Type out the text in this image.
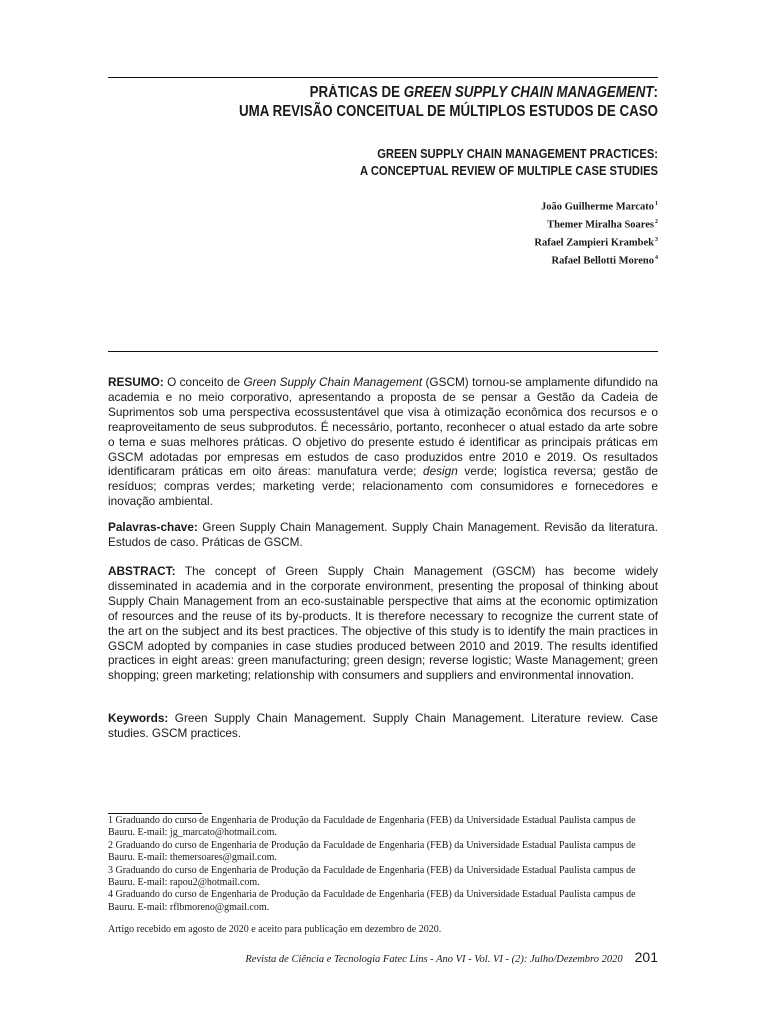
PRÁTICAS DE GREEN SUPPLY CHAIN MANAGEMENT:
UMA REVISÃO CONCEITUAL DE MÚLTIPLOS ESTUDOS DE CASO
GREEN SUPPLY CHAIN MANAGEMENT PRACTICES:
A CONCEPTUAL REVIEW OF MULTIPLE CASE STUDIES
João Guilherme Marcato$^1$
Themer Miralha Soares$^2$
Rafael Zampieri Krambek$^3$
Rafael Bellotti Moreno$^4$
RESUMO: O conceito de Green Supply Chain Management (GSCM) tornou-se amplamente difundido na academia e no meio corporativo, apresentando a proposta de se pensar a Gestão da Cadeia de Suprimentos sob uma perspectiva ecossustentável que visa à otimização econômica dos recursos e o reaproveitamento de seus subprodutos. É necessário, portanto, reconhecer o atual estado da arte sobre o tema e suas melhores práticas. O objetivo do presente estudo é identificar as principais práticas em GSCM adotadas por empresas em estudos de caso produzidos entre 2010 e 2019. Os resultados identificaram práticas em oito áreas: manufatura verde; design verde; logística reversa; gestão de resíduos; compras verdes; marketing verde; relacionamento com consumidores e fornecedores e inovação ambiental.
Palavras-chave: Green Supply Chain Management. Supply Chain Management. Revisão da literatura. Estudos de caso. Práticas de GSCM.
ABSTRACT: The concept of Green Supply Chain Management (GSCM) has become widely disseminated in academia and in the corporate environment, presenting the proposal of thinking about Supply Chain Management from an eco-sustainable perspective that aims at the economic optimization of resources and the reuse of its by-products. It is therefore necessary to recognize the current state of the art on the subject and its best practices. The objective of this study is to identify the main practices in GSCM adopted by companies in case studies produced between 2010 and 2019. The results identified practices in eight areas: green manufacturing; green design; reverse logistic; Waste Management; green shopping; green marketing; relationship with consumers and suppliers and environmental innovation.
Keywords: Green Supply Chain Management. Supply Chain Management. Literature review. Case studies. GSCM practices.

1 Graduando do curso de Engenharia de Produção da Faculdade de Engenharia (FEB) da Universidade Estadual Paulista campus de Bauru. E-mail: jg_marcato@hotmail.com.

2 Graduando do curso de Engenharia de Produção da Faculdade de Engenharia (FEB) da Universidade Estadual Paulista campus de Bauru. E-mail: themersoares@gmail.com.

3 Graduando do curso de Engenharia de Produção da Faculdade de Engenharia (FEB) da Universidade Estadual Paulista campus de Bauru. E-mail: rapou2@hotmail.com.

4 Graduando do curso de Engenharia de Produção da Faculdade de Engenharia (FEB) da Universidade Estadual Paulista campus de Bauru. E-mail: rflbmoreno@gmail.com.

Artigo recebido em agosto de 2020 e aceito para publicação em dezembro de 2020.
Revista de Ciência e Tecnologia Fatec Lins - Ano VI - Vol. VI - (2): Julho/Dezembro 2020 201
